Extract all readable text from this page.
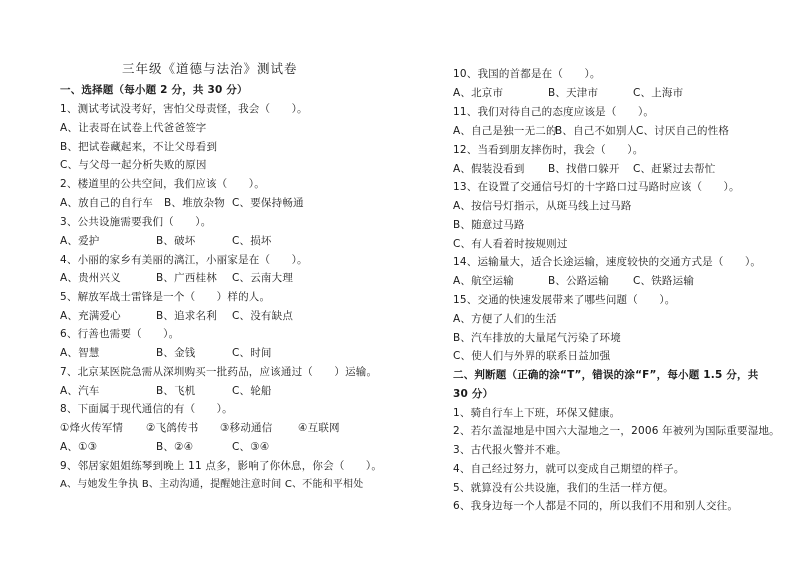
三年级《道德与法治》测试卷
一、选择题（每小题 2 分，共 30 分）
1、测试考试没考好，害怕父母责怪，我会（　　）。
A、让表哥在试卷上代爸爸签字
B、把试卷藏起来，不让父母看到
C、与父母一起分析失败的原因
2、楼道里的公共空间，我们应该（　　）。
A、放自己的自行车 B、堆放杂物 C、要保持畅通
3、公共设施需要我们（　　）。
A、爱护	B、破坏	C、损坏
4、小丽的家乡有美丽的漓江，小丽家是在（　　）。
A、贵州兴义	B、广西桂林 C、云南大理
5、解放军战士雷锋是一个（　　）样的人。
A、充满爱心	B、追求名利 C、没有缺点
6、行善也需要（　　）。
A、智慧	B、金钱	C、时间
7、北京某医院急需从深圳购买一批药品，应该通过（　　）运输。
A、汽车	B、飞机	C、轮船
8、下面属于现代通信的有（　　）。
①烽火传军情 ②飞鸽传书 ③移动通信 ④互联网
A、①③	B、②④	C、③④
9、邻居家姐姐练琴到晚上 11 点多，影响了你休息，你会（　　）。
A、与她发生争执 B、主动沟通，提醒她注意时间 C、不能和平相处
10、我国的首都是在（　　）。
A、北京市	B、天津市	C、上海市
11、我们对待自己的态度应该是（　　）。
A、自己是独一无二的
B、自己不如别人
C、讨厌自己的性格
12、当看到朋友摔伤时，我会（　　）。
A、假装没看到 B、找借口躲开 C、赶紧过去帮忙
13、在设置了交通信号灯的十字路口过马路时应该（　　）。
A、按信号灯指示，从斑马线上过马路
B、随意过马路
C、有人看着时按规则过
14、运输量大，适合长途运输，速度较快的交通方式是（　　）。
A、航空运输	B、公路运输 C、铁路运输
15、交通的快速发展带来了哪些问题（　　）。
A、方便了人们的生活
B、汽车排放的大量尾气污染了环境
C、使人们与外界的联系日益加强
二、判断题（正确的涂“T”，错误的涂“F”，每小题 1.5 分，共
30 分）
1、骑自行车上下班，环保又健康。
2、若尔盖湿地是中国六大湿地之一，2006 年被列为国际重要湿地。
3、古代报火警并不难。
4、自己经过努力，就可以变成自己期望的样子。
5、就算没有公共设施，我们的生活一样方便。
6、我身边每一个人都是不同的，所以我们不用和别人交往。
